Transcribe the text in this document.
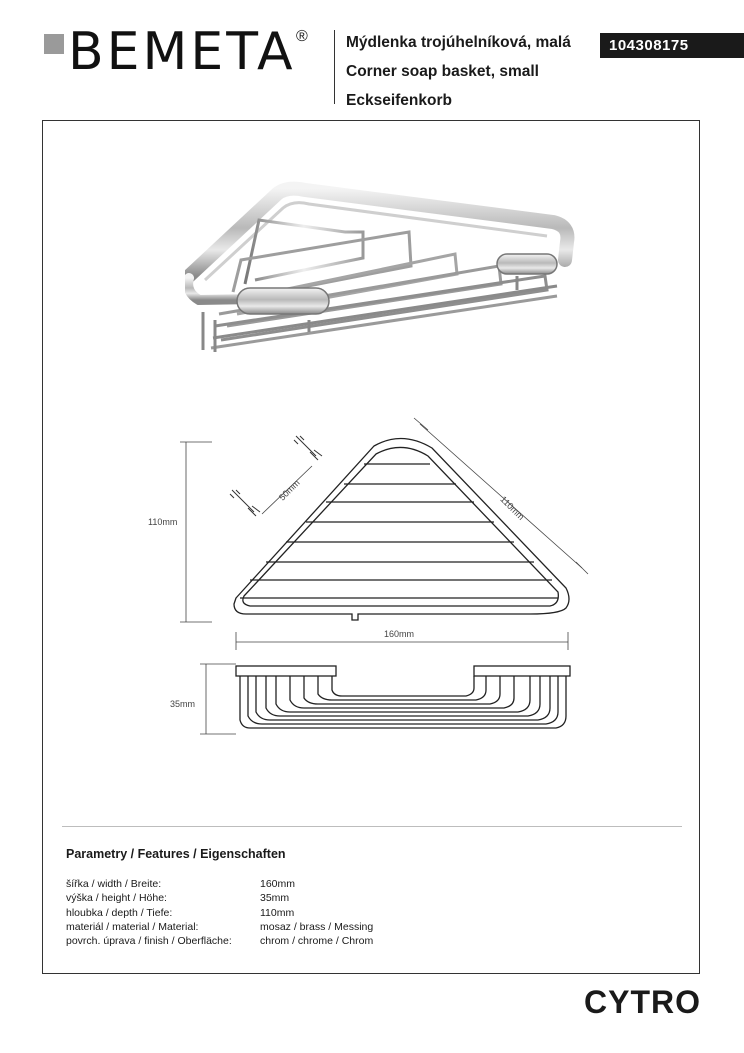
BEMETA ® Mýdlenka trojúhelníková, malá
Corner soap basket, small
Eckseifenkorb
104308175
110mm
110mm
50mm
160mm
35mm
Parametry / Features / Eigenschaften
šířka / width / Breite:	160mm
výška / height / Höhe:	35mm
hloubka / depth / Tiefe:	110mm
materiál / material / Material:	mosaz / brass / Messing
povrch. úprava / finish / Oberfläche:	chrom / chrome / Chrom
CYTRO
